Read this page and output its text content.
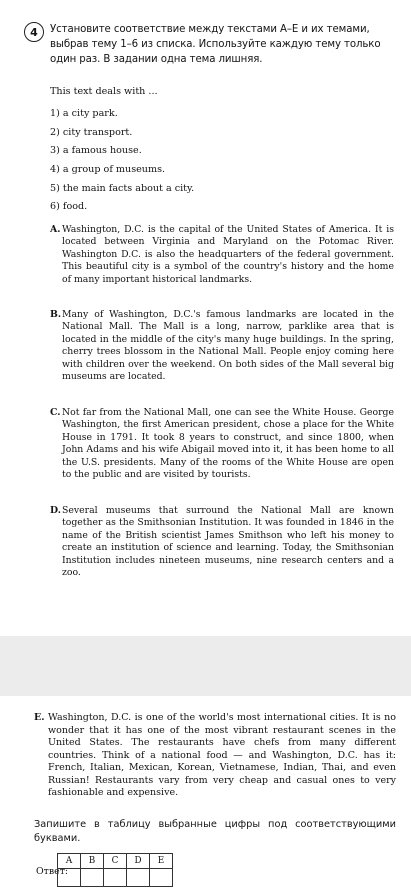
4	Установите соответствие между текстами А–Е и их темами, выбрав тему 1–6 из списка. Используйте каждую тему только один раз. В задании одна тема лишняя.
This text deals with ...
1) a city park.
2) city transport.
3) a famous house.
4) a group of museums.
5) the main facts about a city.
6) food.
A. Washington, D.C. is the capital of the United States of America. It is located between Virginia and Maryland on the Potomac River. Washington D.C. is also the headquarters of the federal government. This beautiful city is a symbol of the country's history and the home of many important historical landmarks.
B. Many of Washington, D.C.'s famous landmarks are located in the National Mall. The Mall is a long, narrow, parklike area that is located in the middle of the city's many huge buildings. In the spring, cherry trees blossom in the National Mall. People enjoy coming here with children over the weekend. On both sides of the Mall several big museums are located.
C. Not far from the National Mall, one can see the White House. George Washington, the first American president, chose a place for the White House in 1791. It took 8 years to construct, and since 1800, when John Adams and his wife Abigail moved into it, it has been home to all the U.S. presidents. Many of the rooms of the White House are open to the public and are visited by tourists.
D. Several museums that surround the National Mall are known together as the Smithsonian Institution. It was founded in 1846 in the name of the British scientist James Smithson who left his money to create an institution of science and learning. Today, the Smithsonian Institution includes nineteen museums, nine research centers and a zoo.
E. Washington, D.C. is one of the world's most international cities. It is no wonder that it has one of the most vibrant restaurant scenes in the United States. The restaurants have chefs from many different countries. Think of a national food — and Washington, D.C. has it: French, Italian, Mexican, Korean, Vietnamese, Indian, Thai, and even Russian! Restaurants vary from very cheap and casual ones to very fashionable and expensive.
Запишите в таблицу выбранные цифры под соответствующими буквами.
Ответ:
A	B	C	D	E
